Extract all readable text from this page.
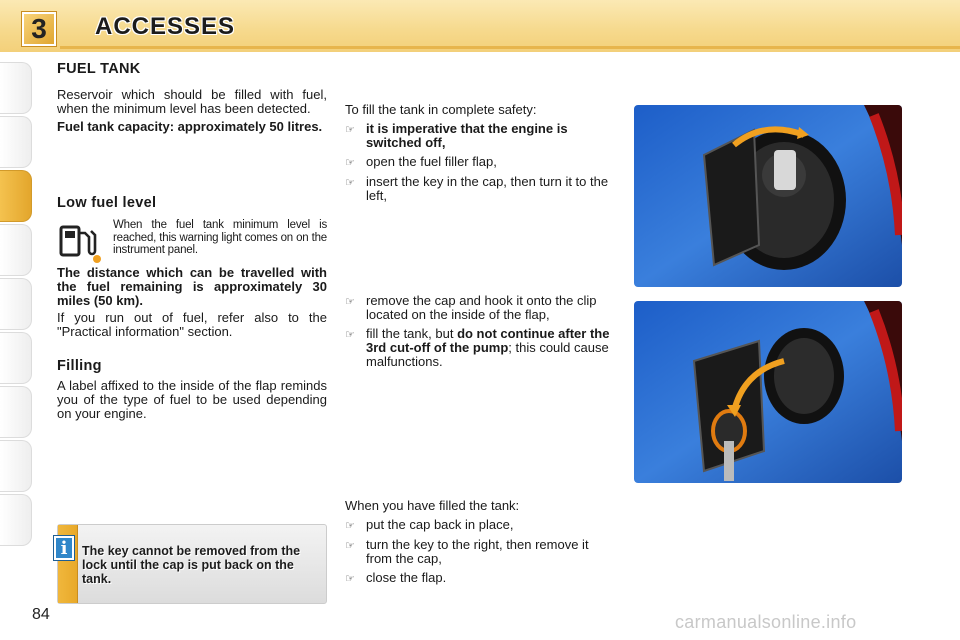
3	ACCESSES
FUEL TANK

Reservoir which should be filled with fuel, when the minimum level has been detected.

Fuel tank capacity: approximately 50 litres.

Low fuel level

When the fuel tank minimum level is reached, this warning light comes on on the instrument panel.

The distance which can be travelled with the fuel remaining is approximately 30 miles (50 km).

If you run out of fuel, refer also to the "Practical information" section.

Filling

A label affixed to the inside of the flap reminds you of the type of fuel to be used depending on your engine.

To fill the tank in complete safety:

☞ it is imperative that the engine is switched off,
☞ open the fuel filler flap,
☞ insert the key in the cap, then turn it to the left,
☞ remove the cap and hook it onto the clip located on the inside of the flap,
☞ fill the tank, but do not continue after the 3rd cut-off of the pump; this could cause malfunctions.

When you have filled the tank:

☞ put the cap back in place,
☞ turn the key to the right, then remove it from the cap,
☞ close the flap.
i	The key cannot be removed from the lock until the cap is put back on the tank.

84	carmanualsonline.info
